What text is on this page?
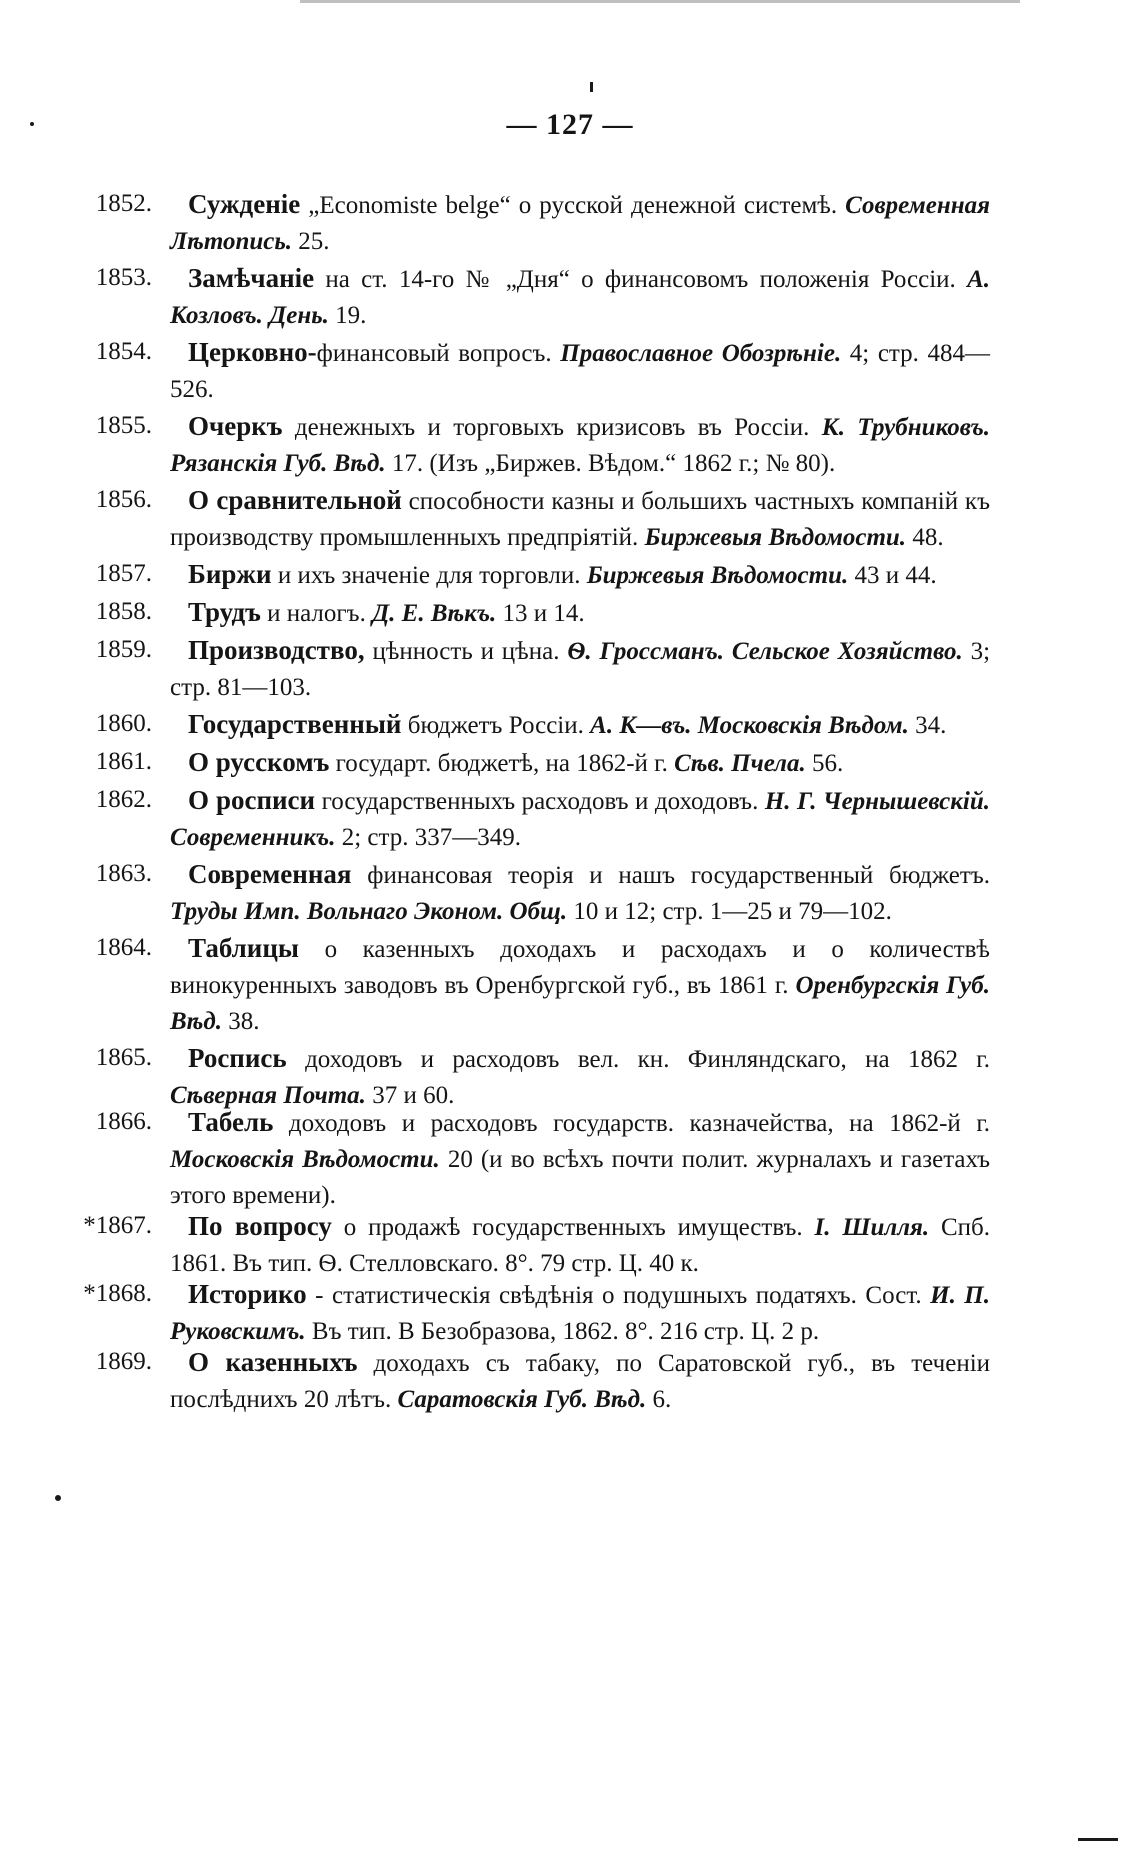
— 127 —
1852.	Сужденіе „Economiste belge“ о русской денежной системѣ. Современная Лѣтопись. 25.
1853.	Замѣчаніе на ст. 14-го № „Дня“ о финансовомъ положенія Россіи. А. Козловъ. День. 19.
1854.	Церковно-финансовый вопросъ. Православное Обозрѣніе. 4; стр. 484—526.
1855.	Очеркъ денежныхъ и торговыхъ кризисовъ въ Россіи. К. Трубниковъ. Рязанскія Губ. Вѣд. 17. (Изъ „Биржев. Вѣдом.“ 1862 г.; № 80).
1856.	О сравнительной способности казны и большихъ частныхъ компаній къ производству промышленныхъ предпріятій. Биржевыя Вѣдомости. 48.
1857.	Биржи и ихъ значеніе для торговли. Биржевыя Вѣдомости. 43 и 44.
1858.	Трудъ и налогъ. Д. Е. Вѣкъ. 13 и 14.
1859.	Производство, цѣнность и цѣна. Ѳ. Гроссманъ. Сельское Хозяйство. 3; стр. 81—103.
1860.	Государственный бюджетъ Россіи. А. К—въ. Московскія Вѣдом. 34.
1861.	О русскомъ государт. бюджетѣ, на 1862-й г. Сѣв. Пчела. 56.
1862.	О росписи государственныхъ расходовъ и доходовъ. Н. Г. Чернышевскій. Современникъ. 2; стр. 337—349.
1863.	Современная финансовая теорія и нашъ государственный бюджетъ. Труды Имп. Вольнаго Эконом. Общ. 10 и 12; стр. 1—25 и 79—102.
1864.	Таблицы о казенныхъ доходахъ и расходахъ и о количествѣ винокуренныхъ заводовъ въ Оренбургской губ., въ 1861 г. Оренбургскія Губ. Вѣд. 38.
1865.	Роспись доходовъ и расходовъ вел. кн. Финляндскаго, на 1862 г. Сѣверная Почта. 37 и 60.
1866.	Табель доходовъ и расходовъ государств. казначейства, на 1862-й г. Московскія Вѣдомости. 20 (и во всѣхъ почти полит. журналахъ и газетахъ этого времени).
*1867.	По вопросу о продажѣ государственныхъ имуществъ. I. Шилля. Спб. 1861. Въ тип. Ѳ. Стелловскаго. 8°. 79 стр. Ц. 40 к.
*1868.	Историко - статистическія свѣдѣнія о подушныхъ податяхъ. Сост. И. П. Руковскимъ. Въ тип. В Безобразова, 1862. 8°. 216 стр. Ц. 2 р.
1869.	О казенныхъ доходахъ съ табаку, по Саратовской губ., въ теченіи послѣднихъ 20 лѣтъ. Саратовскія Губ. Вѣд. 6.
